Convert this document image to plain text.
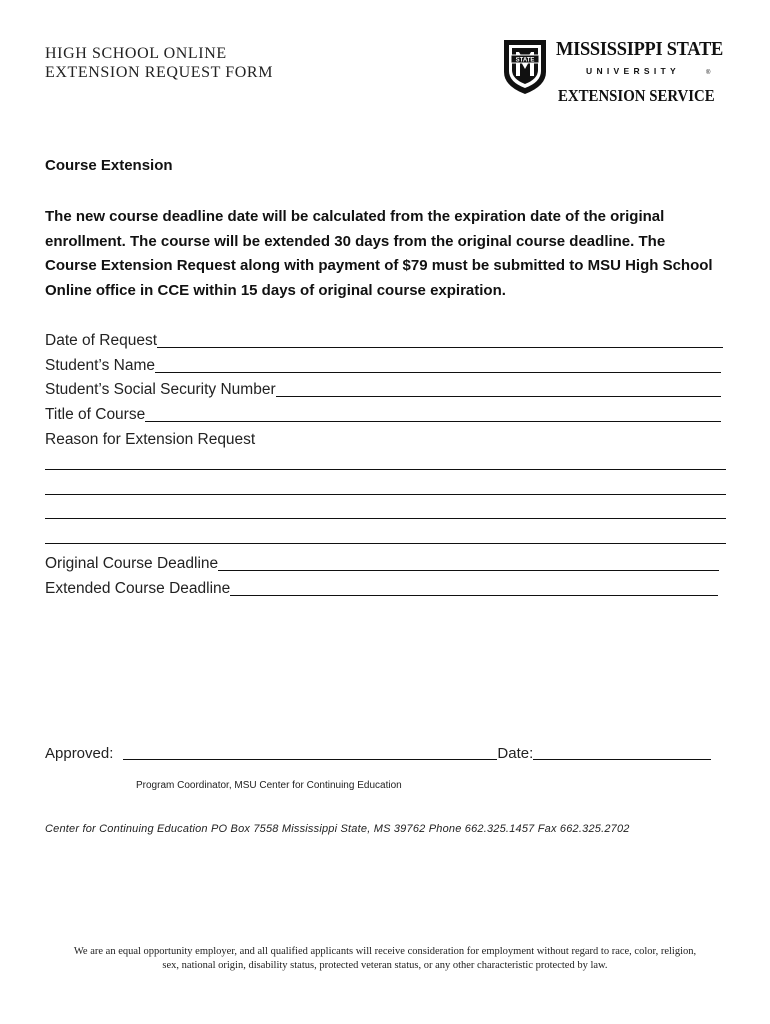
HIGH SCHOOL ONLINE
EXTENSION REQUEST FORM
STATE
MISSISSIPPI STATE
UNIVERSITY	®
EXTENSION SERVICE
Course Extension
The new course deadline date will be calculated from the expiration date of the original
enrollment. The course will be extended 30 days from the original course deadline. The
Course Extension Request along with payment of $79 must be submitted to MSU High School
Online office in CCE within 15 days of original course expiration.
Date of Request
Student’s Name
Student’s Social Security Number
Title of Course
Reason for Extension Request
Original Course Deadline
Extended Course Deadline
Approved:	Date:
Program Coordinator, MSU Center for Continuing Education
Center for Continuing Education PO Box 7558 Mississippi State, MS 39762 Phone 662.325.1457 Fax 662.325.2702
We are an equal opportunity employer, and all qualified applicants will receive consideration for employment without regard to race, color, religion,
sex, national origin, disability status, protected veteran status, or any other characteristic protected by law.
